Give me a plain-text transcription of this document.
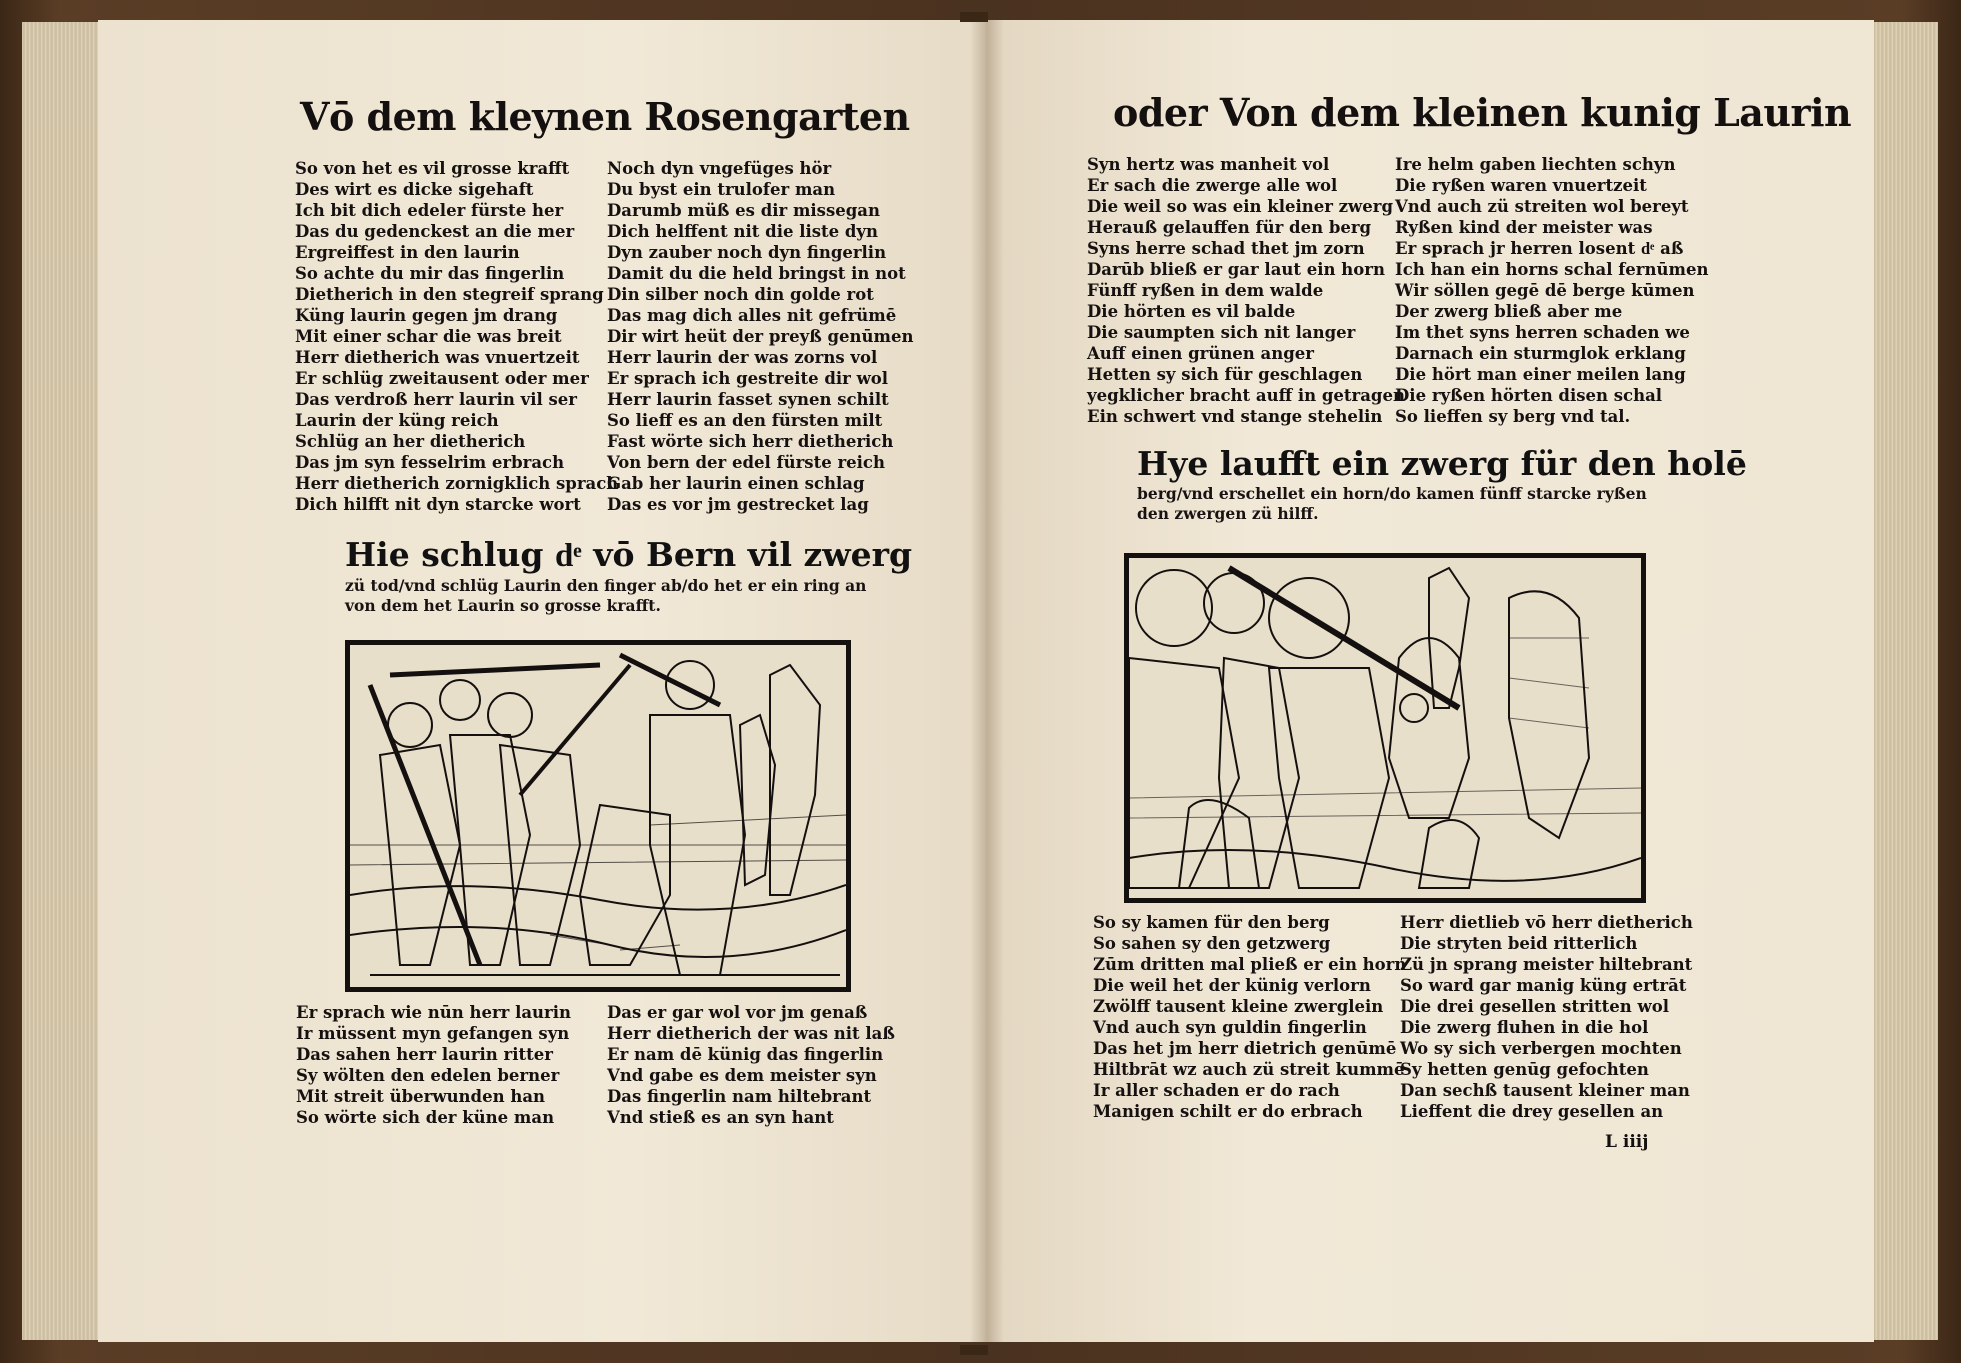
Vō dem kleynen Rosengarten
So von het es vil grosse krafft
Des wirt es dicke sigehaft
Ich bit dich edeler fürste her
Das du gedenckest an die mer
Ergreiffest in den laurin
So achte du mir das fingerlin
Dietherich in den stegreif sprang
Küng laurin gegen jm drang
Mit einer schar die was breit
Herr dietherich was vnuertzeit
Er schlüg zweitausent oder mer
Das verdroß herr laurin vil ser
Laurin der küng reich
Schlüg an her dietherich
Das jm syn fesselrim erbrach
Herr dietherich zornigklich sprach
Dich hilfft nit dyn starcke wort
Noch dyn vngefüges hör
Du byst ein trulofer man
Darumb müß es dir missegan
Dich helffent nit die liste dyn
Dyn zauber noch dyn fingerlin
Damit du die held bringst in not
Din silber noch din golde rot
Das mag dich alles nit gefrümē
Dir wirt heüt der preyß genūmen
Herr laurin der was zorns vol
Er sprach ich gestreite dir wol
Herr laurin fasset synen schilt
So lieff es an den fürsten milt
Fast wörte sich herr dietherich
Von bern der edel fürste reich
Gab her laurin einen schlag
Das es vor jm gestrecket lag
Hie schlug dͤ vō Bern vil zwerg
zü tod/vnd schlüg Laurin den finger ab/do het er ein ring an
von dem het Laurin so grosse krafft.
Er sprach wie nūn herr laurin
Ir müssent myn gefangen syn
Das sahen herr laurin ritter
Sy wölten den edelen berner
Mit streit überwunden han
So wörte sich der küne man
Das er gar wol vor jm genaß
Herr dietherich der was nit laß
Er nam dē künig das fingerlin
Vnd gabe es dem meister syn
Das fingerlin nam hiltebrant
Vnd stieß es an syn hant
oder Von dem kleinen kunig Laurin
Syn hertz was manheit vol
Er sach die zwerge alle wol
Die weil so was ein kleiner zwerg
Herauß gelauffen für den berg
Syns herre schad thet jm zorn
Darūb bließ er gar laut ein horn
Fünff ryßen in dem walde
Die hörten es vil balde
Die saumpten sich nit langer
Auff einen grünen anger
Hetten sy sich für geschlagen
yegklicher bracht auff in getragen
Ein schwert vnd stange stehelin
Ire helm gaben liechten schyn
Die ryßen waren vnuertzeit
Vnd auch zü streiten wol bereyt
Ryßen kind der meister was
Er sprach jr herren losent dͤ aß
Ich han ein horns schal fernūmen
Wir söllen gegē dē berge kūmen
Der zwerg bließ aber me
Im thet syns herren schaden we
Darnach ein sturmglok erklang
Die hört man einer meilen lang
Die ryßen hörten disen schal
So lieffen sy berg vnd tal.
Hye laufft ein zwerg für den holē
berg/vnd erschellet ein horn/do kamen fünff starcke ryßen
den zwergen zü hilff.
So sy kamen für den berg
So sahen sy den getzwerg
Zūm dritten mal pließ er ein horn
Die weil het der künig verlorn
Zwölff tausent kleine zwerglein
Vnd auch syn guldin fingerlin
Das het jm herr dietrich genūmē
Hiltbrāt wz auch zü streit kummē
Ir aller schaden er do rach
Manigen schilt er do erbrach
Herr dietlieb vō herr dietherich
Die stryten beid ritterlich
Zü jn sprang meister hiltebrant
So ward gar manig küng ertrāt
Die drei gesellen stritten wol
Die zwerg fluhen in die hol
Wo sy sich verbergen mochten
Sy hetten genūg gefochten
Dan sechß tausent kleiner man
Lieffent die drey gesellen an
L iiij
